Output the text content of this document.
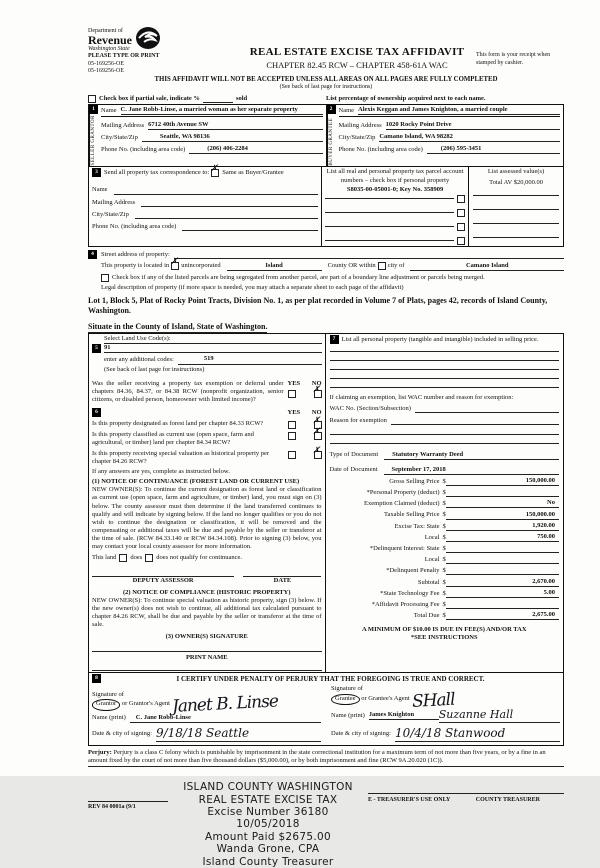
Department of
Revenue
Washington State
PLEASE TYPE OR PRINT
05-169256-OE
05-169256-OE
REAL ESTATE EXCISE TAX AFFIDAVIT
CHAPTER 82.45 RCW – CHAPTER 458-61A WAC
This form is your receipt when stamped by cashier.
THIS AFFIDAVIT WILL NOT BE ACCEPTED UNLESS ALL AREAS ON ALL PAGES ARE FULLY COMPLETED
(See back of last page for instructions)
Check box if partial sale, indicate %	sold	List percentage of ownership acquired next to each name.
1
SELLER

GRANTOR
Name C. Jane Robb-Linse, a married woman as her separate property
Mailing Address 6712 40th Avenue SW
City/State/Zip	Seattle, WA 98136
Phone No. (including area code)	(206) 406-2284
2
BUYER

GRANTEE
Name Alexis Keggan and James Knighton, a married couple
Mailing Address 1020 Rocky Point Drive
City/State/Zip Camano Island, WA 98282
Phone No. (including area code)	(206) 595-3451
3 Send all property tax correspondence to: ✗ Same as Buyer/Grantee
Name
Mailing Address
City/State/Zip
Phone No. (including area code)
List all real and personal property tax parcel account numbers – check box if personal property
S8035-00-05001-0; Key No. 358909
List assessed value(s)
Total AV $20,000.00
4	Street address of property:
This property is located in ✗ unincorporated	Island	County OR within city of	Camano Island
Check box if any of the listed parcels are being segregated from another parcel, are part of a boundary line adjustment or parcels being merged.
Legal description of property (if more space is needed, you may attach a separate sheet to each page of the affidavit)
Lot 1, Block 5, Plat of Rocky Point Tracts, Division No. 1, as per plat recorded in Volume 7 of Plats, pages 42, records of Island County, Washington.
Situate in the County of Island, State of Washington.
5
Select Land Use Code(s):
91
enter any additional codes:	519
(See back of last page for instructions)
Was the seller receiving a property tax exemption or deferral under chapters 84.36, 84.37, or 84.38 RCW (nonprofit organization, senior citizens, or disabled person, homeowner with limited income)?
YES NO
✗
6	YES NO
Is this property designated as forest land per chapter 84.33 RCW?	✗
Is this property classified as current use (open space, farm and agricultural, or timber) land per chapter 84.34 RCW?
✗
Is this property receiving special valuation as historical property per chapter 84.26 RCW?
✗
If any answers are yes, complete as instructed below.
(1) NOTICE OF CONTINUANCE (FOREST LAND OR CURRENT USE)
NEW OWNER(S): To continue the current designation as forest land or classification as current use (open space, farm and agriculture, or timber) land, you must sign on (3) below. The county assessor must then determine if the land transferred continues to qualify and will indicate by signing below. If the land no longer qualifies or you do not wish to continue the designation or classification, it will be removed and the compensating or additional taxes will be due and payable by the seller or transferor at the time of sale. (RCW 84.33.140 or RCW 84.34.108). Prior to signing (3) below, you may contact your local county assessor for more information.
This land does does not qualify for continuance.
DEPUTY ASSESSOR	DATE
(2) NOTICE OF COMPLIANCE (HISTORIC PROPERTY)
NEW OWNER(S): To continue special valuation as historic property, sign (3) below. If the new owner(s) does not wish to continue, all additional tax calculated pursuant to chapter 84.26 RCW, shall be due and payable by the seller or transferor at the time of sale.
(3) OWNER(S) SIGNATURE
PRINT NAME
7 List all personal property (tangible and intangible) included in selling price.
If claiming an exemption, list WAC number and reason for exemption:
WAC No. (Section/Subsection)
Reason for exemption
Type of Document	Statutory Warranty Deed
Date of Document	September 17, 2018
Gross Selling Price $	150,000.00
*Personal Property (deduct) $
Exemption Claimed (deduct) $	No
Taxable Selling Price $	150,000.00
Excise Tax: State $	1,920.00
Local $	750.00
*Delinquent Interest: State $
Local $
*Delinquent Penalty $
Subtotal $	2,670.00
*State Technology Fee $	5.00
*Affidavit Processing Fee $
Total Due $	2,675.00
A MINIMUM OF $10.00 IS DUE IN FEE(S) AND/OR TAX
*SEE INSTRUCTIONS
8	I CERTIFY UNDER PENALTY OF PERJURY THAT THE FOREGOING IS TRUE AND CORRECT.
Signature of
Grantor or Grantor's Agent Janet B. Linse
Name (print)	C. Jane Robb-Linse
Date & city of signing: 9/18/18 Seattle
Signature of
Grantee or Grantee's Agent SHall
Name (print) James Knighton	Suzanne Hall
Date & city of signing: 10/4/18 Stanwood
Perjury: Perjury is a class C felony which is punishable by imprisonment in the state correctional institution for a maximum term of not more than five years, or by a fine in an amount fixed by the court of not more than five thousand dollars ($5,000.00), or by both imprisonment and fine (RCW 9A.20.020 (1C)).
REV 84 0001a (9/1
ISLAND COUNTY WASHINGTON
REAL ESTATE EXCISE TAX
Excise Number 36180
10/05/2018
Amount Paid $2675.00
Wanda Grone, CPA
Island County Treasurer
E - TREASURER'S USE ONLY	COUNTY TREASURER
